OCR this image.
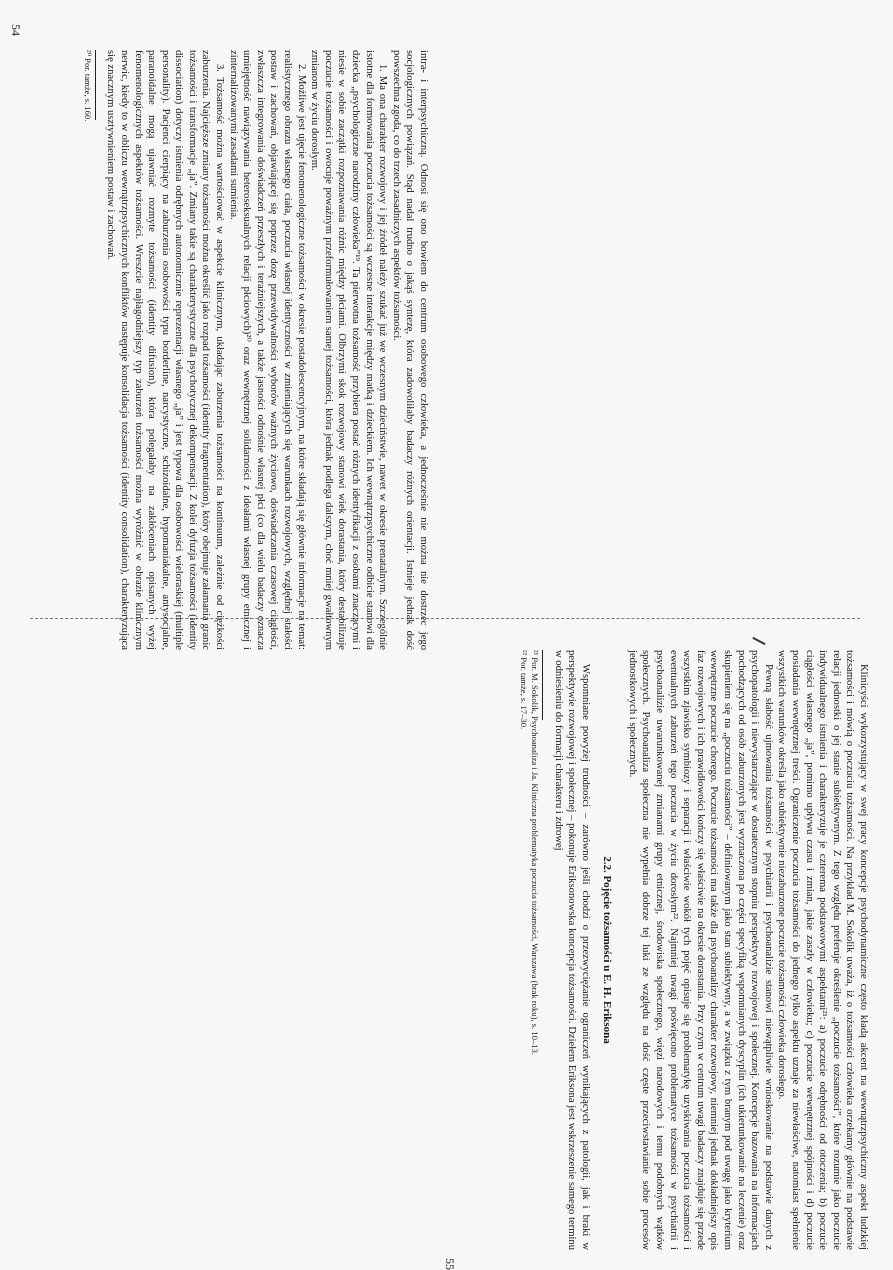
intra- i interpsychiczną. Odnosi się ono bowiem do centrum osobowego człowieka, a jednocześnie nie można nie dostrzec jego socjologicznych powiązań. Stąd nadal trudno o jakąś syntezę, która zadowoliłaby badaczy różnych orientacji. Istnieje jednak dość powszechna zgoda, co do trzech zasadniczych aspektów tożsamości.

1. Ma ona charakter rozwojowy i jej źródeł należy szukać już we wczesnym dzieciństwie, nawet w okresie prenatalnym. Szczególnie istotne dla formowania poczucia tożsamości są wczesne interakcje między matką i dzieckiem. Ich wewnątrzpsychiczne odbicie stanowi dla dziecka „psychologiczne narodziny człowieka”¹⁹. Ta pierwotna tożsamość przybiera postać różnych identyfikacji z osobami znaczącymi i niesie w sobie zaczątki rozpoznawania różnic między płciami. Olbrzymi skok rozwojowy stanowi wiek dorastania, który destabilizuje poczucie tożsamości i owocuje poważnym przeformułowaniem samej tożsamości, która jednak podlega dalszym, choć mniej gwałtownym zmianom w życiu dorosłym.

2. Możliwe jest ujęcie fenomenologiczne tożsamości w okresie postadolescencyjnym, na które składają się głównie informacje na temat: realistycznego obrazu własnego ciała, poczucia własnej identyczności w zmieniających się warunkach rozwojowych, względnej stałości postaw i zachowań, objawiającej się poprzez dozę przewidywalności wyborów ważnych życiowo, doświadczania czasowej ciągłości, zwłaszcza integrowania doświadczeń przeszłych i teraźniejszych, a także jasności odnośnie własnej płci (co dla wielu badaczy oznacza umiejętność nawiązywania heteroseksualnych relacji płciowych)²⁰ oraz wewnętrznej solidarności z ideałami własnej grupy etnicznej i zinternalizowanymi zasadami sumienia.

3. Tożsamość można wartościować w aspekcie klinicznym, układając zaburzenia tożsamości na kontinuum, zależnie od ciężkości zaburzenia. Najcięższe zmiany tożsamości można określić jako rozpad tożsamości (identity fragmentation), który obejmuje załamania granic tożsamości i transformacje „ja”. Zmiany takie są charakterystyczne dla psychotycznej dekompensacji. Z kolei dyfuzja tożsamości (identity dissociation) dotyczy istnienia odrębnych autonomicznie reprezentacji własnego „ja” i jest typowa dla osobowości wieloraskiej (multiple personality). Pacjenci cierpiący na zaburzenia osobowości typu borderline, narcystyczne, schizoidalne, hypomaniakalne, antysocjalne, paranoidalne mogą ujawniać rozmyte tożsamości (identity difusion), która polegałaby na zakłóceniach opisanych wyżej fenomenologicznych aspektów tożsamości. Wreszcie najłagodniejszy typ zaburzeń tożsamości można wyróżnić w obrazie klinicznym nerwic, kiedy to w obliczu wewnątrzpsychicznych konfliktów następuje konsolidacja tożsamości (identity consolidation), charakteryzująca się znacznym usztywnieniem postaw i zachowań.

²⁰ Por. tamże, s. 160.
54

Klinicyści wykorzystujący w swej pracy koncepcje psychodynamiczne często kładą akcent na wewnątrzpsychiczny aspekt ludzkiej tożsamości i mówią o poczuciu tożsamości. Na przykład M. Sokolik uważa, iż o tożsamości człowieka orzekamy głównie na podstawie relacji jednostki o jej stanie subiektywnym. Z tego względu preferuje określenie „poczucie tożsamości”, które rozumie jako poczucie indywidualnego istnienia i charakteryzuje je czterema podstawowymi aspektami²¹: a) poczucie odrębności od otoczenia; b) poczucie ciągłości własnego „ja”, pomimo upływu czasu i zmian, jakie zaszły w człowieku; c) poczucie wewnętrznej spójności i d) poczucie posiadania wewnętrznej treści. Ograniczenie poczucia tożsamości do jednego tylko aspektu uznaje za niewłaściwe, natomiast spełnienie wszystkich warunków określa jako subiektywnie niezaburzone poczucie tożsamości człowieka dorosłego.

Pewną słabość ujmowania tożsamości w psychiatrii i psychoanalizie stanowi niewątpliwie wnioskowanie na podstawie danych z psychopatologii i niewystarczające w dostatecznym stopniu perspektywy rozwojowej i społecznej. Koncepcje bazowania na informacjach pochodzących od osób zaburzonych jest wyznaczona po części specyfiką wspomnianych dyscyplin (ich ukierunkowanie na leczenie) oraz skupieniem się na „poczuciu tożsamości” – definiowanym jako stan subiektywny, a w związku z tym branym pod uwagę jako kryterium wewnętrzne poczucie chorego. Poczucie tożsamości ma także dla psychoanalizy charakter rozwojowy, niemniej jednak dokładniejszy opis faz rozwojowych i ich prawidłowości kończy się właściwie na okresie dorastania. Przy czym w centrum uwagi badaczy znajduje się przede wszystkim zjawisko symbiozy i separacji i właściwie wokół tych pojęć opisuje się problematykę uzyskiwania poczucia tożsamości i ewentualnych zaburzeń tego poczucia w życiu dorosłym²². Najmniej uwagi poświęcono problematyce tożsamości w psychiatrii i psychoanalizie uwarunkowanej zmianami grupy etnicznej, środowiska społecznego, więzi narodowych i temu podobnych wątków społecznych. Psychoanaliza społeczna nie wypełnia dobrze tej luki ze względu na dość częste przeciwstawianie sobie procesów jednostkowych i społecznych.

2.2. Pojęcie tożsamości u E. H. Eriksona

Wspomniane powyżej trudności – zarówno jeśli chodzi o przezwyciężanie ograniczeń wynikających z patologii, jak i braki w perspektywie rozwojowej i społecznej – pokonuje Eriksonowska koncepcja tożsamości. Dziełem Eriksona jest wskrzeszenie samego terminu w odniesieniu do formacji charakteru i zdrowej

²¹ Por. M. Sokolik, Psychoanaliza i Ja. Kliniczna problematyka poczucia tożsamości, Warszawa (brak roku), s. 10–13.
²² Por. tamże, s. 17–30.
55
